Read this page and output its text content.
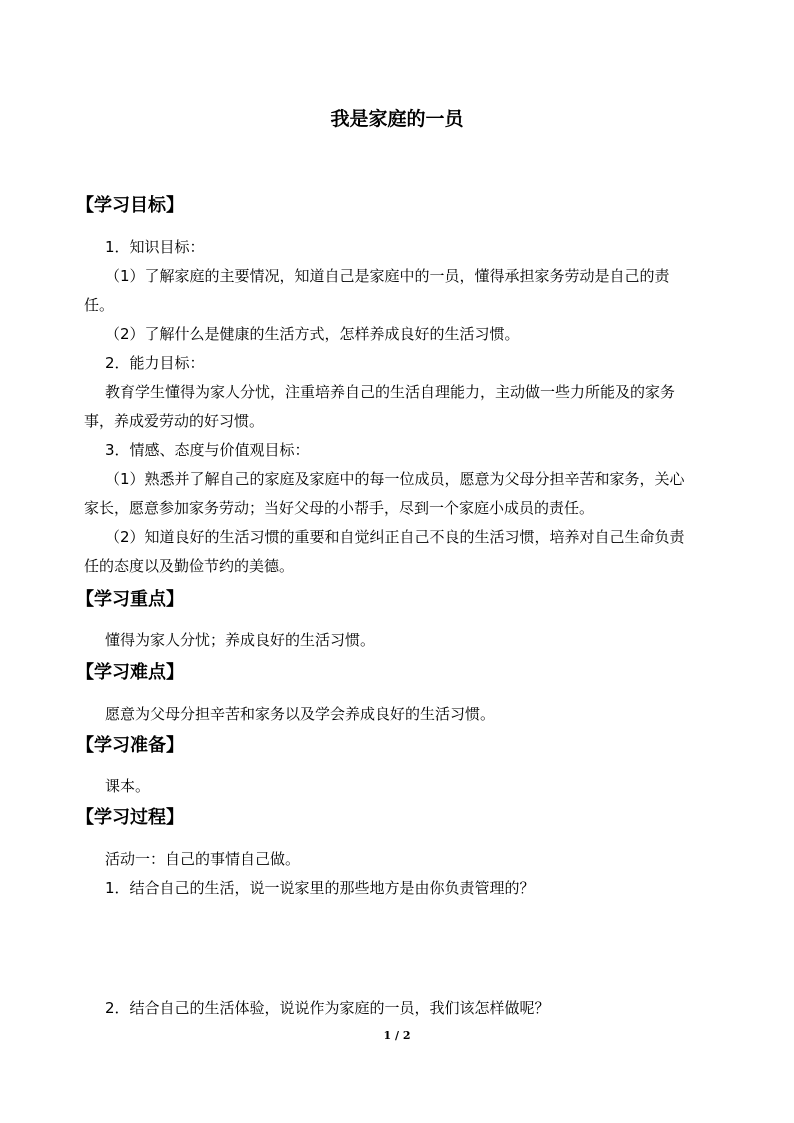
我是家庭的一员
【学习目标】
1．知识目标：
（1）了解家庭的主要情况，知道自己是家庭中的一员，懂得承担家务劳动是自己的责
任。
（2）了解什么是健康的生活方式，怎样养成良好的生活习惯。
2．能力目标：
教育学生懂得为家人分忧，注重培养自己的生活自理能力，主动做一些力所能及的家务
事，养成爱劳动的好习惯。
3．情感、态度与价值观目标：
（1）熟悉并了解自己的家庭及家庭中的每一位成员，愿意为父母分担辛苦和家务，关心
家长，愿意参加家务劳动；当好父母的小帮手，尽到一个家庭小成员的责任。
（2）知道良好的生活习惯的重要和自觉纠正自己不良的生活习惯，培养对自己生命负责
任的态度以及勤俭节约的美德。
【学习重点】
懂得为家人分忧；养成良好的生活习惯。
【学习难点】
愿意为父母分担辛苦和家务以及学会养成良好的生活习惯。
【学习准备】
课本。
【学习过程】
活动一：自己的事情自己做。
1．结合自己的生活，说一说家里的那些地方是由你负责管理的？
2．结合自己的生活体验，说说作为家庭的一员，我们该怎样做呢？
1 / 2
